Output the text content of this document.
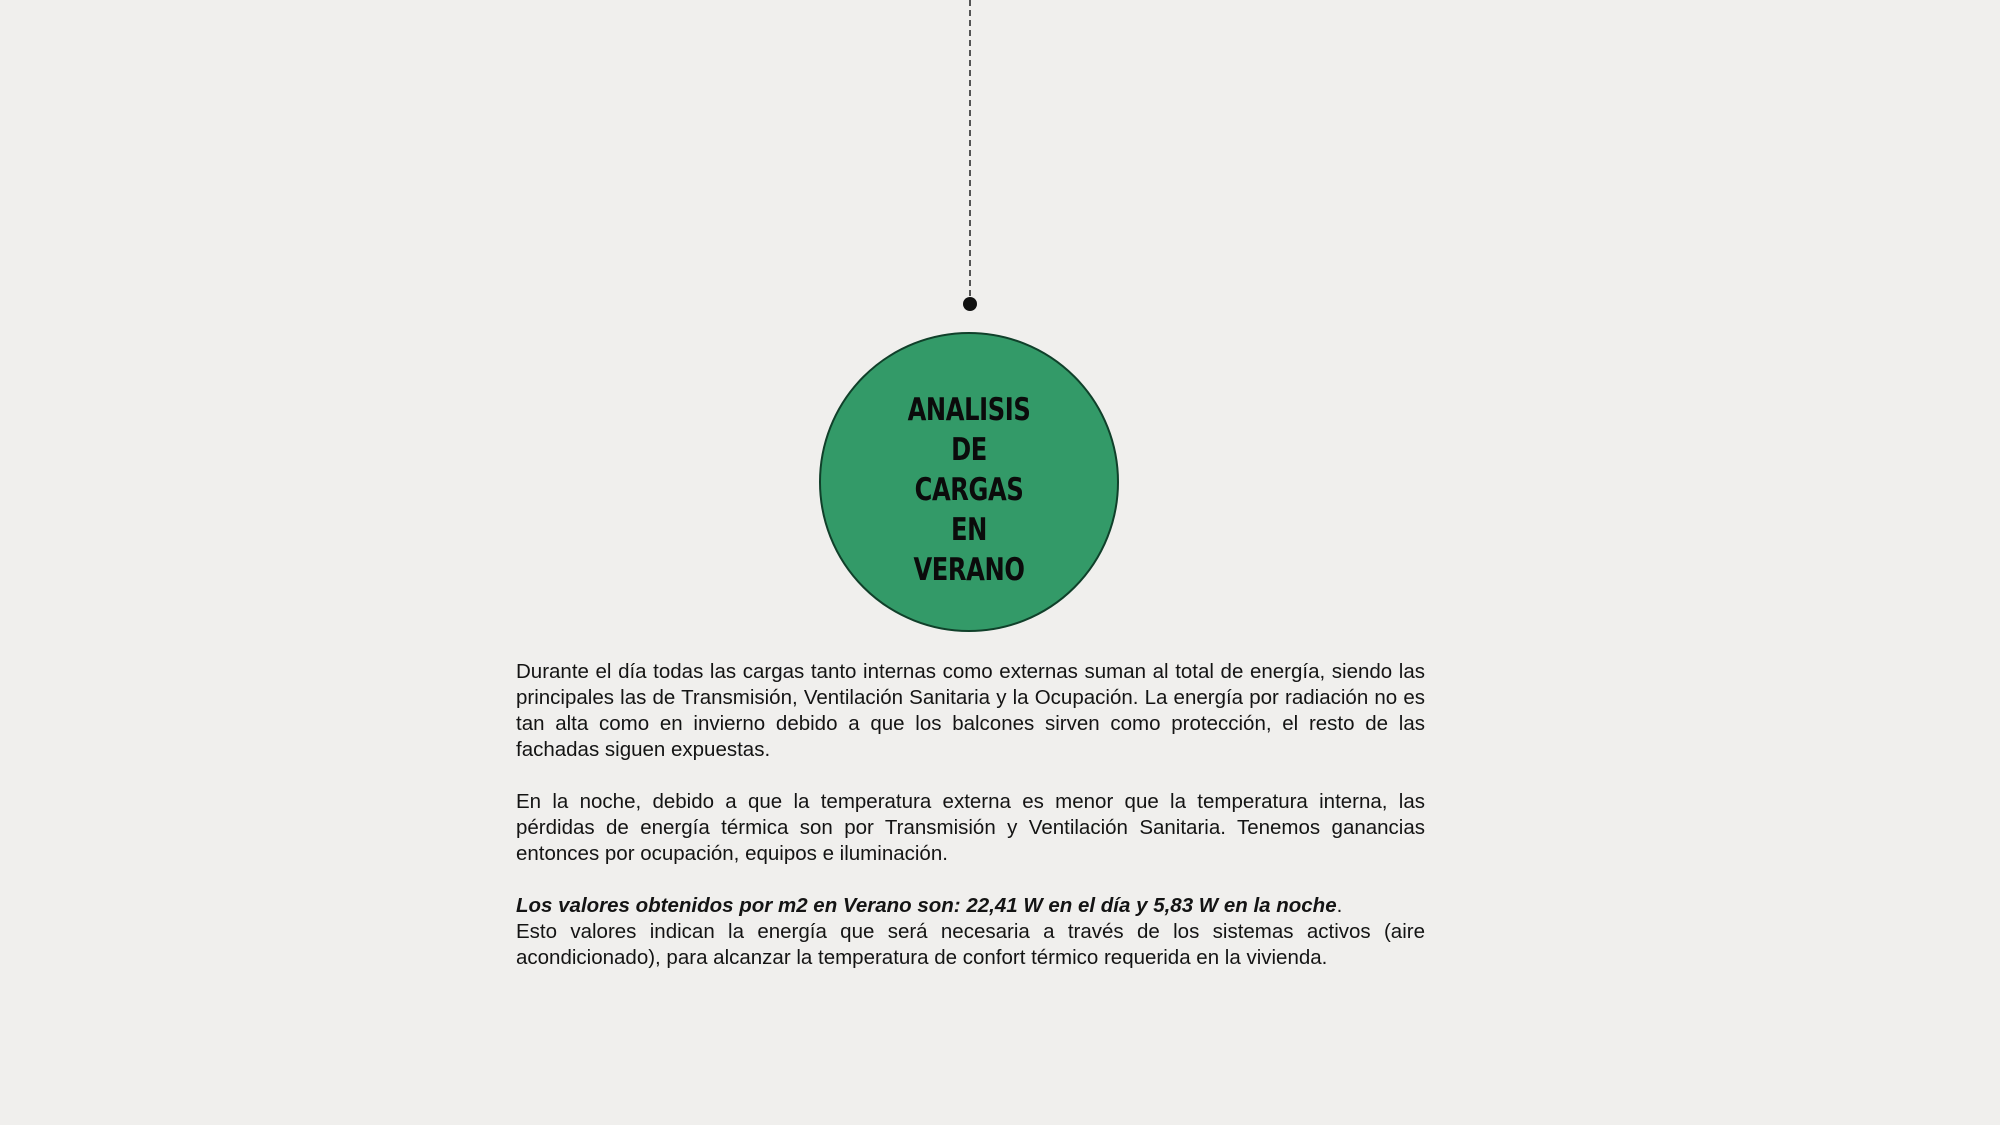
ANALISIS DE CARGAS EN VERANO

Durante el día todas las cargas tanto internas como externas suman al total de energía, siendo las principales las de Transmisión, Ventilación Sanitaria y la Ocupación. La energía por radiación no es tan alta como en invierno debido a que los balcones sirven como protección, el resto de las fachadas siguen expuestas.

En la noche, debido a que la temperatura externa es menor que la temperatura interna, las pérdidas de energía térmica son por Transmisión y Ventilación Sanitaria. Tenemos ganancias entonces por ocupación, equipos e iluminación.

Los valores obtenidos por m2 en Verano son: 22,41 W en el día y 5,83 W en la noche.
Esto valores indican la energía que será necesaria a través de los sistemas activos (aire acondicionado), para alcanzar la temperatura de confort térmico requerida en la vivienda.
